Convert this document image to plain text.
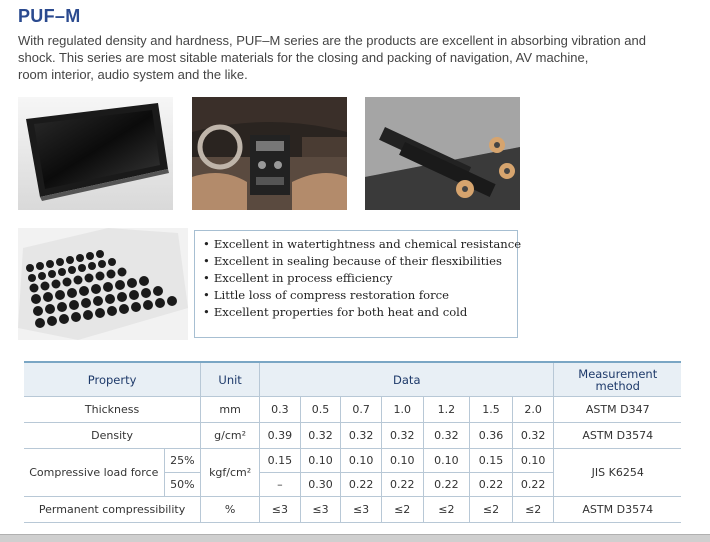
PUF–M
With regulated density and hardness, PUF–M series are the products are excellent in absorbing vibration and
shock. This series are most sitable materials for the closing and packing of navigation, AV machine,
room interior, audio system and the like.
• Excellent in watertightness and chemical resistance
• Excellent in sealing because of their flesxibilities
• Excellent in process efficiency
• Little loss of compress restoration force
• Excellent properties for both heat and cold
Property		Unit	Data							Measurement method
Thickness		mm	0.3	0.5	0.7	1.0	1.2	1.5	2.0	ASTM D347
Density		g/cm²	0.39	0.32	0.32	0.32	0.32	0.36	0.32	ASTM D3574
Compressive load force	25%	kgf/cm²	0.15	0.10	0.10	0.10	0.10	0.15	0.10	JIS K6254
	50%		–	0.30	0.22	0.22	0.22	0.22	0.22	
Permanent compressibility		%	≤3	≤3	≤3	≤2	≤2	≤2	≤2	ASTM D3574
